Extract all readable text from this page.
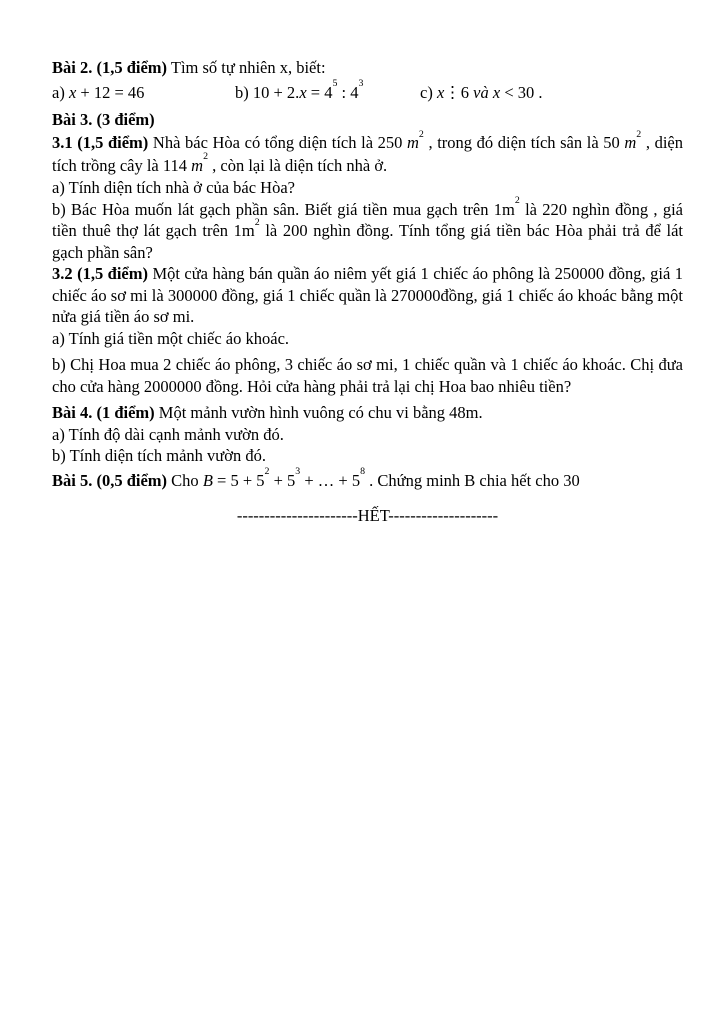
Bài 2. (1,5 điểm) Tìm số tự nhiên x, biết:

a) x + 12 = 46	b) $10 + 2.x = 4^5$ : $4^3$	c) x⋮6 và x < 30 .

Bài 3. (3 điểm)

3.1 (1,5 điểm) Nhà bác Hòa có tổng diện tích là 250 $m^2$ , trong đó diện tích sân là 50 $m^2$ , diện tích trồng cây là 114 $m^2$ , còn lại là diện tích nhà ở.

a) Tính diện tích nhà ở của bác Hòa?

b) Bác Hòa muốn lát gạch phần sân. Biết giá tiền mua gạch trên $1m^2$ là 220 nghìn đồng , giá tiền thuê thợ lát gạch trên $1m^2$ là 200 nghìn đồng. Tính tổng giá tiền bác Hòa phải trả để lát gạch phần sân?

3.2 (1,5 điểm) Một cửa hàng bán quần áo niêm yết giá 1 chiếc áo phông là 250000 đồng, giá 1 chiếc áo sơ mi là 300000 đồng, giá 1 chiếc quần là 270000đồng, giá 1 chiếc áo khoác bằng một nửa giá tiền áo sơ mi.

a) Tính giá tiền một chiếc áo khoác.

b) Chị Hoa mua 2 chiếc áo phông, 3 chiếc áo sơ mi, 1 chiếc quần và 1 chiếc áo khoác. Chị đưa cho cửa hàng 2000000 đồng. Hỏi cửa hàng phải trả lại chị Hoa bao nhiêu tiền?

Bài 4. (1 điểm) Một mảnh vườn hình vuông có chu vi bằng 48m.

a) Tính độ dài cạnh mảnh vườn đó.

b) Tính diện tích mảnh vườn đó.

Bài 5. (0,5 điểm) Cho $B = 5 + 5^2 + 5^3$ + … + $5^8$ . Chứng minh B chia hết cho 30

----------------------HẾT--------------------
